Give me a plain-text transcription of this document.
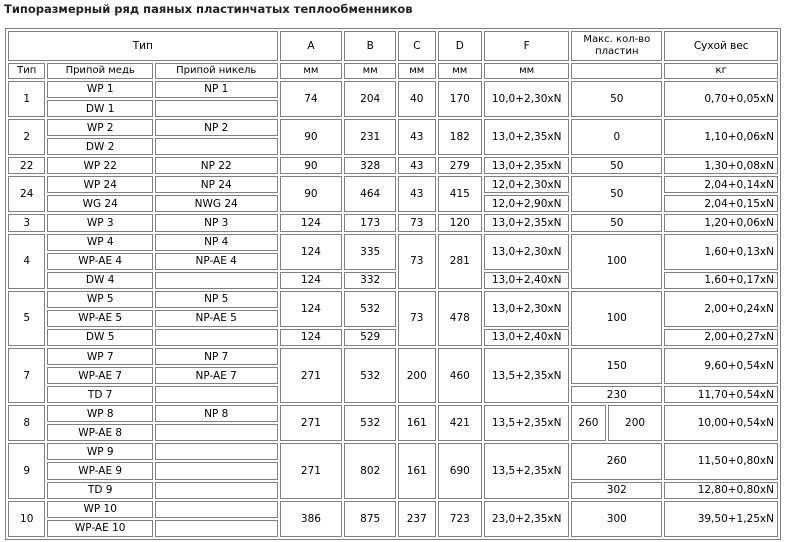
Типоразмерный ряд паяных пластинчатых теплообменников
Тип			A	B	C	D	F	Макс. кол-во пластин		Сухой вес
Тип	Припой медь	Припой никель	мм	мм	мм	мм	мм			кг
1	WP 1	NP 1	74	204	40	170	10,0+2,30xN	50		0,70+0,05xN
	DW 1									
2	WP 2	NP 2	90	231	43	182	13,0+2,35xN	0		1,10+0,06xN
	DW 2									
22	WP 22	NP 22	90	328	43	279	13,0+2,35xN	50		1,30+0,08xN
24	WP 24	NP 24	90	464	43	415	12,0+2,30xN	50		2,04+0,14xN
	WG 24	NWG 24					12,0+2,90xN			2,04+0,15xN
3	WP 3	NP 3	124	173	73	120	13,0+2,35xN	50		1,20+0,06xN
4	WP 4	NP 4	124	335	73	281	13,0+2,30xN	100		1,60+0,13xN
	WP-AE 4	NP-AE 4								
	DW 4		124	332			13,0+2,40xN			1,60+0,17xN
5	WP 5	NP 5	124	532	73	478	13,0+2,30xN	100		2,00+0,24xN
	WP-AE 5	NP-AE 5								
	DW 5		124	529			13,0+2,40xN			2,00+0,27xN
7	WP 7	NP 7	271	532	200	460	13,5+2,35xN	150		9,60+0,54xN
	WP-AE 7	NP-AE 7								
	TD 7							230		11,70+0,54xN
8	WP 8	NP 8	271	532	161	421	13,5+2,35xN	260	200	10,00+0,54xN
	WP-AE 8									
9	WP 9		271	802	161	690	13,5+2,35xN	260		11,50+0,80xN
	WP-AE 9									
	TD 9							302		12,80+0,80xN
10	WP 10		386	875	237	723	23,0+2,35xN	300		39,50+1,25xN
	WP-AE 10									
